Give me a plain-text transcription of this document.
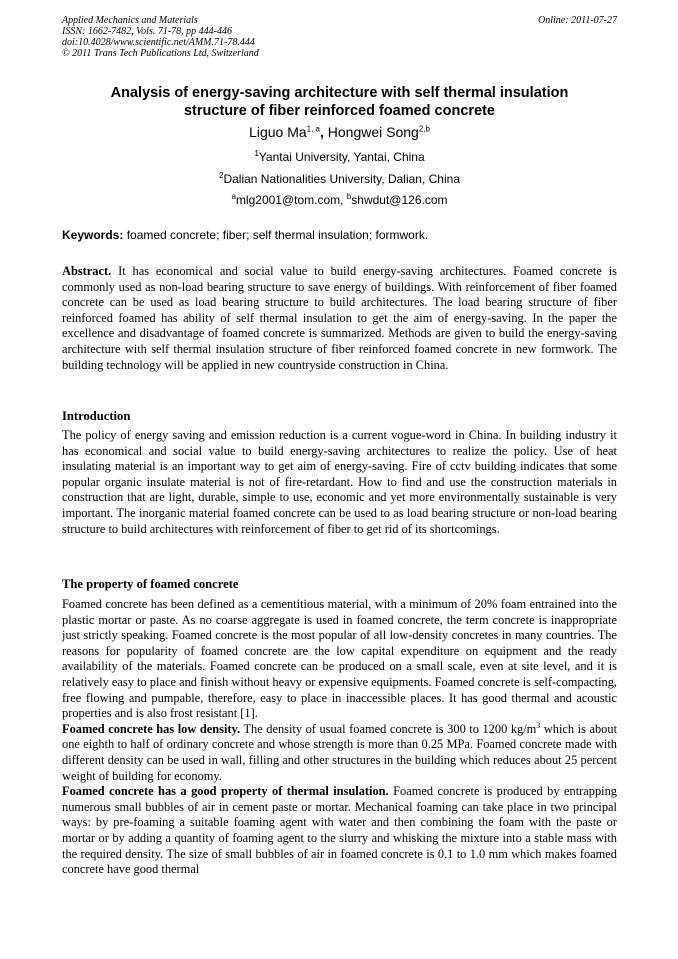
Applied Mechanics and Materials
ISSN: 1662-7482, Vols. 71-78, pp 444-446
doi:10.4028/www.scientific.net/AMM.71-78.444
© 2011 Trans Tech Publications Ltd, Switzerland
Online: 2011-07-27
Analysis of energy-saving architecture with self thermal insulation
structure of fiber reinforced foamed concrete
Liguo Ma$^{1, a}$, Hongwei Song$^{2,b}$
$^1$Yantai University, Yantai, China
$^2$Dalian Nationalities University, Dalian, China
$^a$mlg2001@tom.com, $^b$shwdut@126.com
Keywords: foamed concrete; fiber; self thermal insulation; formwork.

Abstract. It has economical and social value to build energy-saving architectures. Foamed concrete is commonly used as non-load bearing structure to save energy of buildings. With reinforcement of fiber foamed concrete can be used as load bearing structure to build architectures. The load bearing structure of fiber reinforced foamed has ability of self thermal insulation to get the aim of energy-saving. In the paper the excellence and disadvantage of foamed concrete is summarized. Methods are given to build the energy-saving architecture with self thermal insulation structure of fiber reinforced foamed concrete in new formwork. The building technology will be applied in new countryside construction in China.

Introduction

The policy of energy saving and emission reduction is a current vogue-word in China. In building industry it has economical and social value to build energy-saving architectures to realize the policy. Use of heat insulating material is an important way to get aim of energy-saving. Fire of cctv building indicates that some popular organic insulate material is not of fire-retardant. How to find and use the construction materials in construction that are light, durable, simple to use, economic and yet more environmentally sustainable is very important. The inorganic material foamed concrete can be used to as load bearing structure or non-load bearing structure to build architectures with reinforcement of fiber to get rid of its shortcomings.

The property of foamed concrete

Foamed concrete has been defined as a cementitious material, with a minimum of 20% foam entrained into the plastic mortar or paste. As no coarse aggregate is used in foamed concrete, the term concrete is inappropriate just strictly speaking. Foamed concrete is the most popular of all low-density concretes in many countries. The reasons for popularity of foamed concrete are the low capital expenditure on equipment and the ready availability of the materials. Foamed concrete can be produced on a small scale, even at site level, and it is relatively easy to place and finish without heavy or expensive equipments. Foamed concrete is self-compacting, free flowing and pumpable, therefore, easy to place in inaccessible places. It has good thermal and acoustic properties and is also frost resistant [1].

Foamed concrete has low density. The density of usual foamed concrete is 300 to 1200 $kg/m^3$ which is about one eighth to half of ordinary concrete and whose strength is more than 0.25 MPa. Foamed concrete made with different density can be used in wall, filling and other structures in the building which reduces about 25 percent weight of building for economy.

Foamed concrete has a good property of thermal insulation. Foamed concrete is produced by entrapping numerous small bubbles of air in cement paste or mortar. Mechanical foaming can take place in two principal ways: by pre-foaming a suitable foaming agent with water and then combining the foam with the paste or mortar or by adding a quantity of foaming agent to the slurry and whisking the mixture into a stable mass with the required density. The size of small bubbles of air in foamed concrete is 0.1 to 1.0 mm which makes foamed concrete have good thermal
